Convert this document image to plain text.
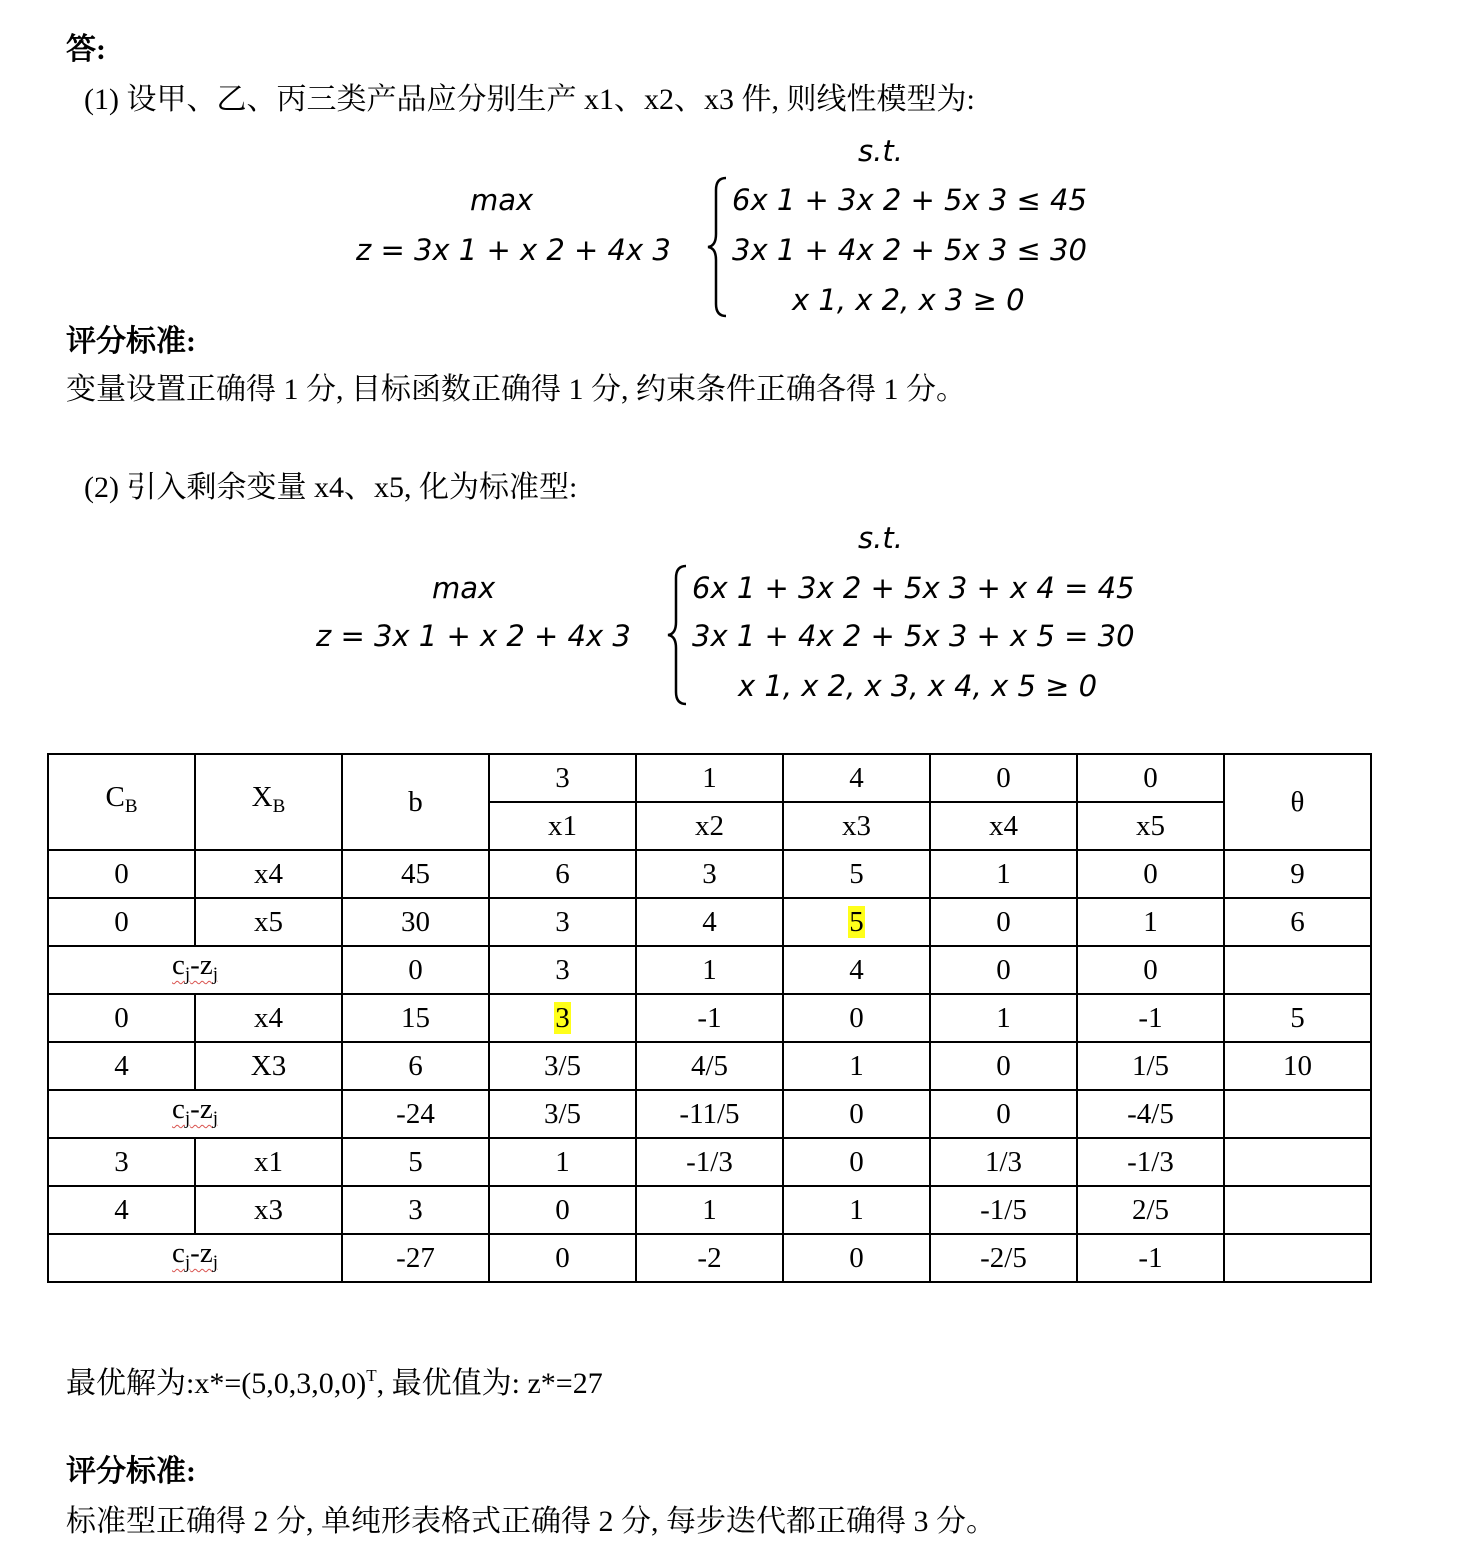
答:
(1) 设甲、乙、丙三类产品应分别生产 x1、x2、x3 件, 则线性模型为:
s.t.
max
z = 3x 1 + x 2 + 4x 3
6x 1 + 3x 2 + 5x 3 ≤ 45
3x 1 + 4x 2 + 5x 3 ≤ 30
x 1, x 2, x 3 ≥ 0
评分标准:
变量设置正确得 1 分, 目标函数正确得 1 分, 约束条件正确各得 1 分。
(2) 引入剩余变量 x4、x5, 化为标准型:
s.t.
max
z = 3x 1 + x 2 + 4x 3
6x 1 + 3x 2 + 5x 3 + x 4 = 45
3x 1 + 4x 2 + 5x 3 + x 5 = 30
x 1, x 2, x 3, x 4, x 5 ≥ 0
$C_B$	$X_B$	b	3	1	4	0	0	θ
			x1	x2	x3	x4	x5	
0	x4	45	6	3	5	1	0	9
0	x5	30	3	4	5	0	1	6
$c_j-z_j$		0	3	1	4	0	0	
0	x4	15	3	-1	0	1	-1	5
4	X3	6	3/5	4/5	1	0	1/5	10
$c_j-z_j$		-24	3/5	-11/5	0	0	-4/5	
3	x1	5	1	-1/3	0	1/3	-1/3	
4	x3	3	0	1	1	-1/5	2/5	
$c_j-z_j$		-27	0	-2	0	-2/5	-1	
最优解为$:x*=(5,0,3,0,0)^T$, 最优值为: z*=27
评分标准:
标准型正确得 2 分, 单纯形表格式正确得 2 分, 每步迭代都正确得 3 分。
